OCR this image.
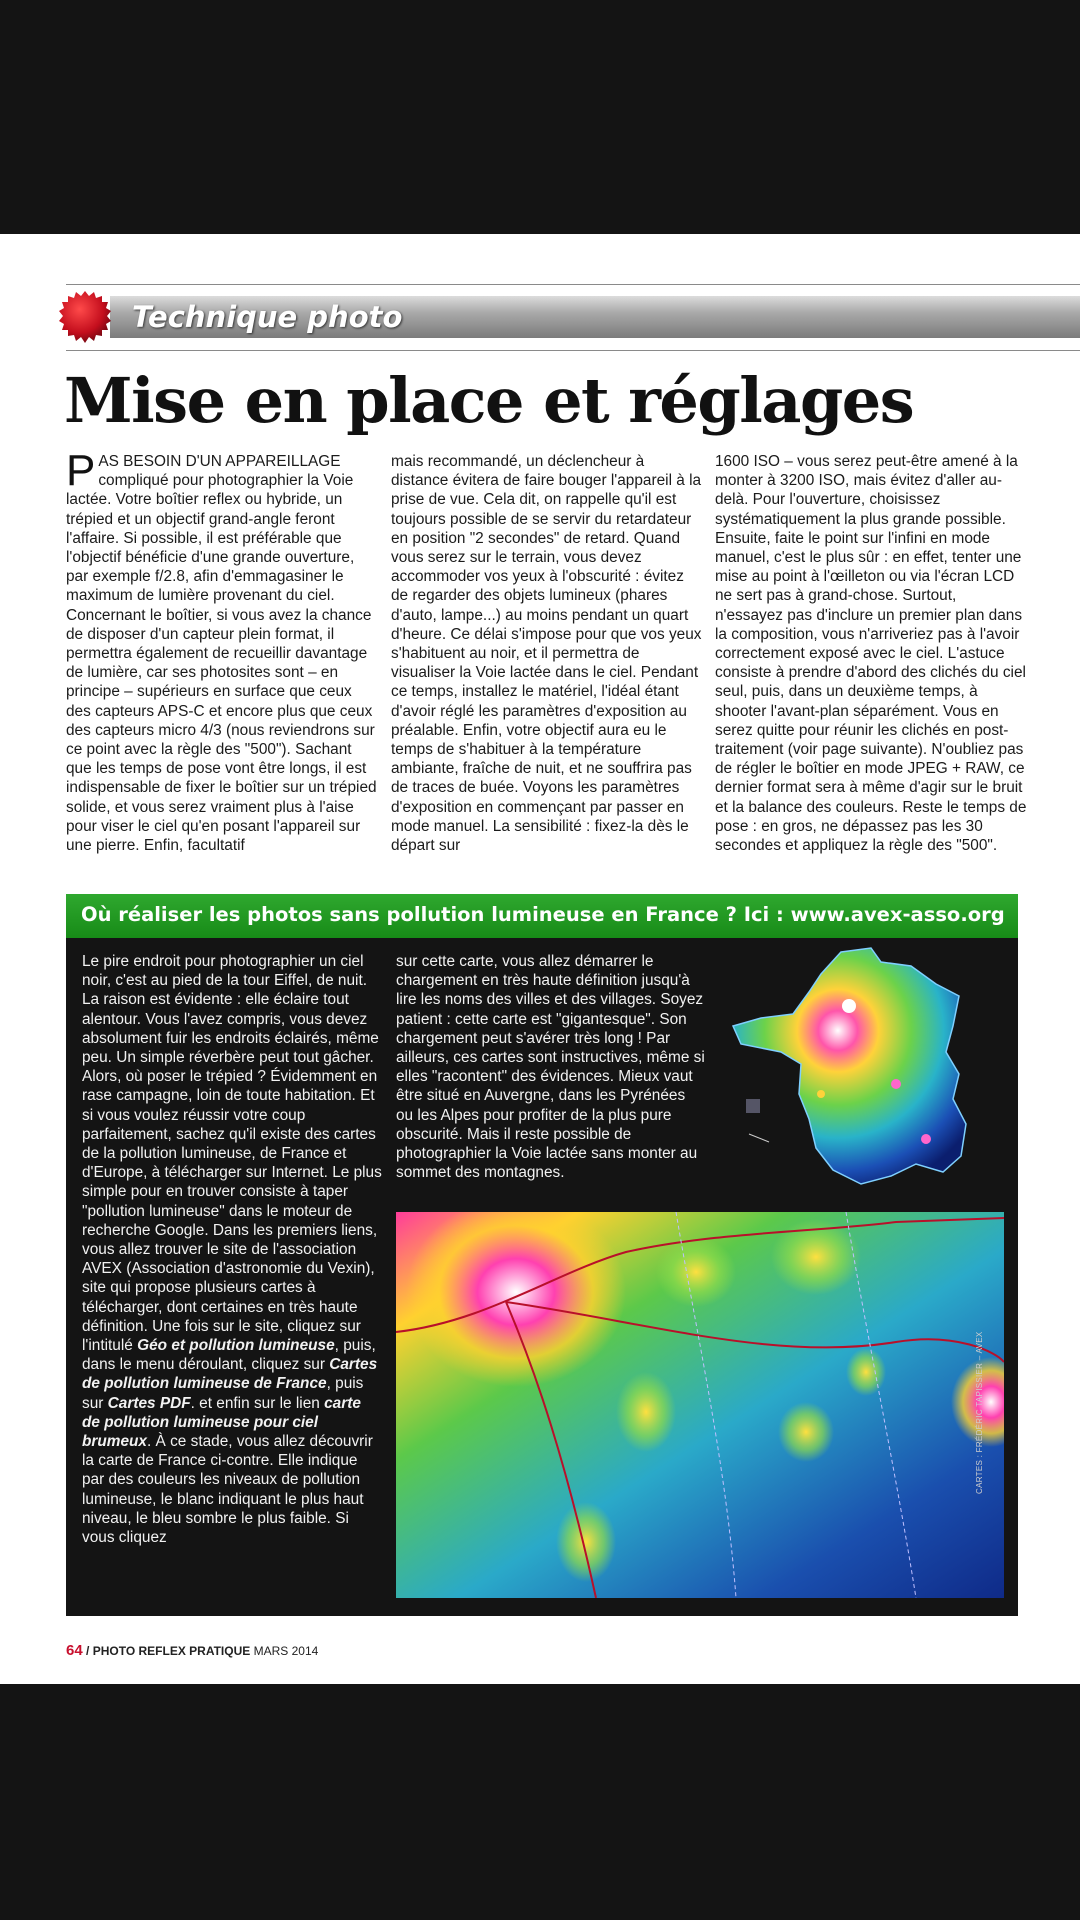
Technique photo
Mise en place et réglages
P AS BESOIN D'UN APPAREILLAGE compliqué pour photographier la Voie lactée. Votre boîtier reflex ou hybride, un trépied et un objectif grand-angle feront l'affaire. Si possible, il est préférable que l'objectif bénéficie d'une grande ouverture, par exemple f/2.8, afin d'emmagasiner le maximum de lumière provenant du ciel. Concernant le boîtier, si vous avez la chance de disposer d'un capteur plein format, il permettra également de recueillir davantage de lumière, car ses photosites sont – en principe – supérieurs en surface que ceux des capteurs APS-C et encore plus que ceux des capteurs micro 4/3 (nous reviendrons sur ce point avec la règle des "500"). Sachant que les temps de pose vont être longs, il est indispensable de fixer le boîtier sur un trépied solide, et vous serez vraiment plus à l'aise pour viser le ciel qu'en posant l'appareil sur une pierre. Enfin, facultatif

mais recommandé, un déclencheur à distance évitera de faire bouger l'appareil à la prise de vue. Cela dit, on rappelle qu'il est toujours possible de se servir du retardateur en position "2 secondes" de retard. Quand vous serez sur le terrain, vous devez accommoder vos yeux à l'obscurité : évitez de regarder des objets lumineux (phares d'auto, lampe...) au moins pendant un quart d'heure. Ce délai s'impose pour que vos yeux s'habituent au noir, et il permettra de visualiser la Voie lactée dans le ciel. Pendant ce temps, installez le matériel, l'idéal étant d'avoir réglé les paramètres d'exposition au préalable. Enfin, votre objectif aura eu le temps de s'habituer à la température ambiante, fraîche de nuit, et ne souffrira pas de traces de buée. Voyons les paramètres d'exposition en commençant par passer en mode manuel. La sensibilité : fixez-la dès le départ sur

1600 ISO – vous serez peut-être amené à la monter à 3200 ISO, mais évitez d'aller au-delà. Pour l'ouverture, choisissez systématiquement la plus grande possible. Ensuite, faite le point sur l'infini en mode manuel, c'est le plus sûr : en effet, tenter une mise au point à l'œilleton ou via l'écran LCD ne sert pas à grand-chose. Surtout, n'essayez pas d'inclure un premier plan dans la composition, vous n'arriveriez pas à l'avoir correctement exposé avec le ciel. L'astuce consiste à prendre d'abord des clichés du ciel seul, puis, dans un deuxième temps, à shooter l'avant-plan séparément. Vous en serez quitte pour réunir les clichés en post-traitement (voir page suivante). N'oubliez pas de régler le boîtier en mode JPEG + RAW, ce dernier format sera à même d'agir sur le bruit et la balance des couleurs. Reste le temps de pose : en gros, ne dépassez pas les 30 secondes et appliquez la règle des "500".

Où réaliser les photos sans pollution lumineuse en France ? Ici : www.avex-asso.org

Le pire endroit pour photographier un ciel noir, c'est au pied de la tour Eiffel, de nuit. La raison est évidente : elle éclaire tout alentour. Vous l'avez compris, vous devez absolument fuir les endroits éclairés, même peu. Un simple réverbère peut tout gâcher. Alors, où poser le trépied ? Évidemment en rase campagne, loin de toute habitation. Et si vous voulez réussir votre coup parfaitement, sachez qu'il existe des cartes de la pollution lumineuse, de France et d'Europe, à télécharger sur Internet. Le plus simple pour en trouver consiste à taper "pollution lumineuse" dans le moteur de recherche Google. Dans les premiers liens, vous allez trouver le site de l'association AVEX (Association d'astronomie du Vexin), site qui propose plusieurs cartes à télécharger, dont certaines en très haute définition. Une fois sur le site, cliquez sur l'intitulé Géo et pollution lumineuse, puis, dans le menu déroulant, cliquez sur Cartes de pollution lumineuse de France, puis sur Cartes PDF. et enfin sur le lien carte de pollution lumineuse pour ciel brumeux. À ce stade, vous allez découvrir la carte de France ci-contre. Elle indique par des couleurs les niveaux de pollution lumineuse, le blanc indiquant le plus haut niveau, le bleu sombre le plus faible. Si vous cliquez

sur cette carte, vous allez démarrer le chargement en très haute définition jusqu'à lire les noms des villes et des villages. Soyez patient : cette carte est "gigantesque". Son chargement peut s'avérer très long ! Par ailleurs, ces cartes sont instructives, même si elles "racontent" des évidences. Mieux vaut être situé en Auvergne, dans les Pyrénées ou les Alpes pour profiter de la plus pure obscurité. Mais il reste possible de photographier la Voie lactée sans monter au sommet des montagnes.

CARTES : FRÉDÉRIC TAPISSIER – AVEX
64 / PHOTO REFLEX PRATIQUE MARS 2014
